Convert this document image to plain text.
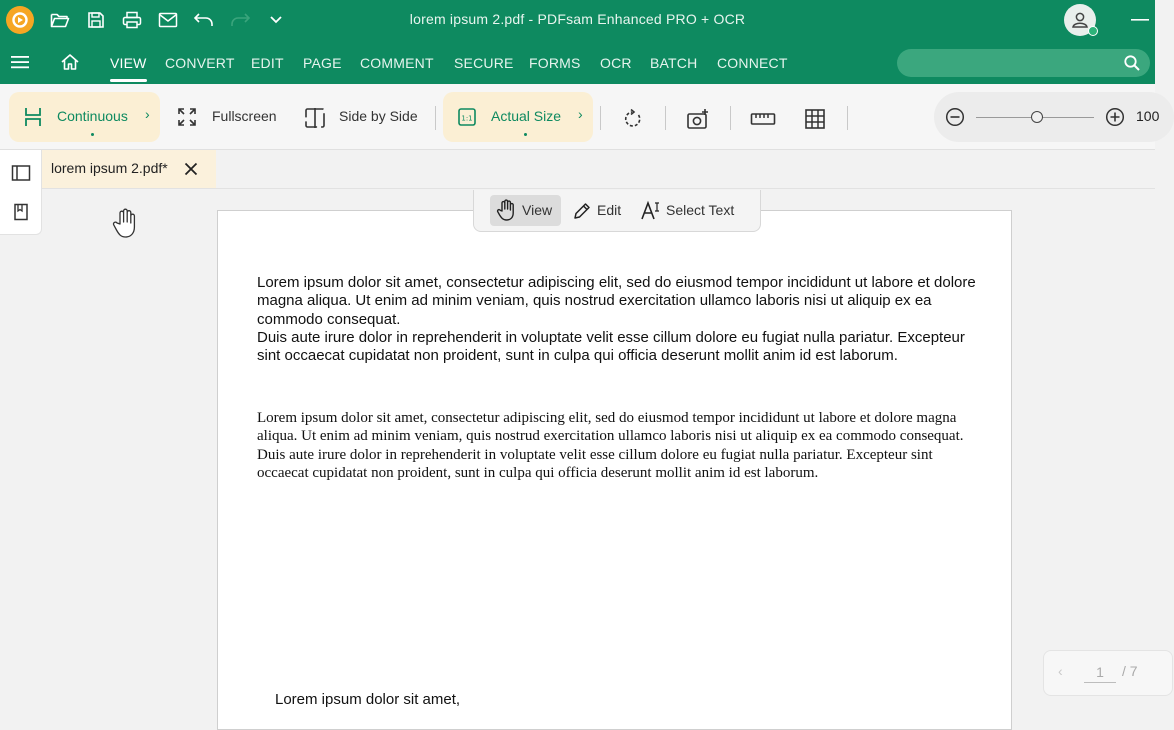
lorem ipsum 2.pdf - PDFsam Enhanced PRO + OCR
VIEW CONVERT EDIT PAGE COMMENT SECURE FORMS OCR BATCH CONNECT
Continuous ›	Fullscreen	Side by Side	1:1 Actual Size ›	100
lorem ipsum 2.pdf*
View	Edit	Select Text
Lorem ipsum dolor sit amet, consectetur adipiscing elit, sed do eiusmod tempor incididunt ut labore et dolore magna aliqua. Ut enim ad minim veniam, quis nostrud exercitation ullamco laboris nisi ut aliquip ex ea commodo consequat.
Duis aute irure dolor in reprehenderit in voluptate velit esse cillum dolore eu fugiat nulla pariatur. Excepteur sint occaecat cupidatat non proident, sunt in culpa qui officia deserunt mollit anim id est laborum.
Lorem ipsum dolor sit amet, consectetur adipiscing elit, sed do eiusmod tempor incididunt ut labore et dolore magna aliqua. Ut enim ad minim veniam, quis nostrud exercitation ullamco laboris nisi ut aliquip ex ea commodo consequat. Duis aute irure dolor in reprehenderit in voluptate velit esse cillum dolore eu fugiat nulla pariatur. Excepteur sint occaecat cupidatat non proident, sunt in culpa qui officia deserunt mollit anim id est laborum.
Lorem ipsum dolor sit amet,
‹	1	/ 7
